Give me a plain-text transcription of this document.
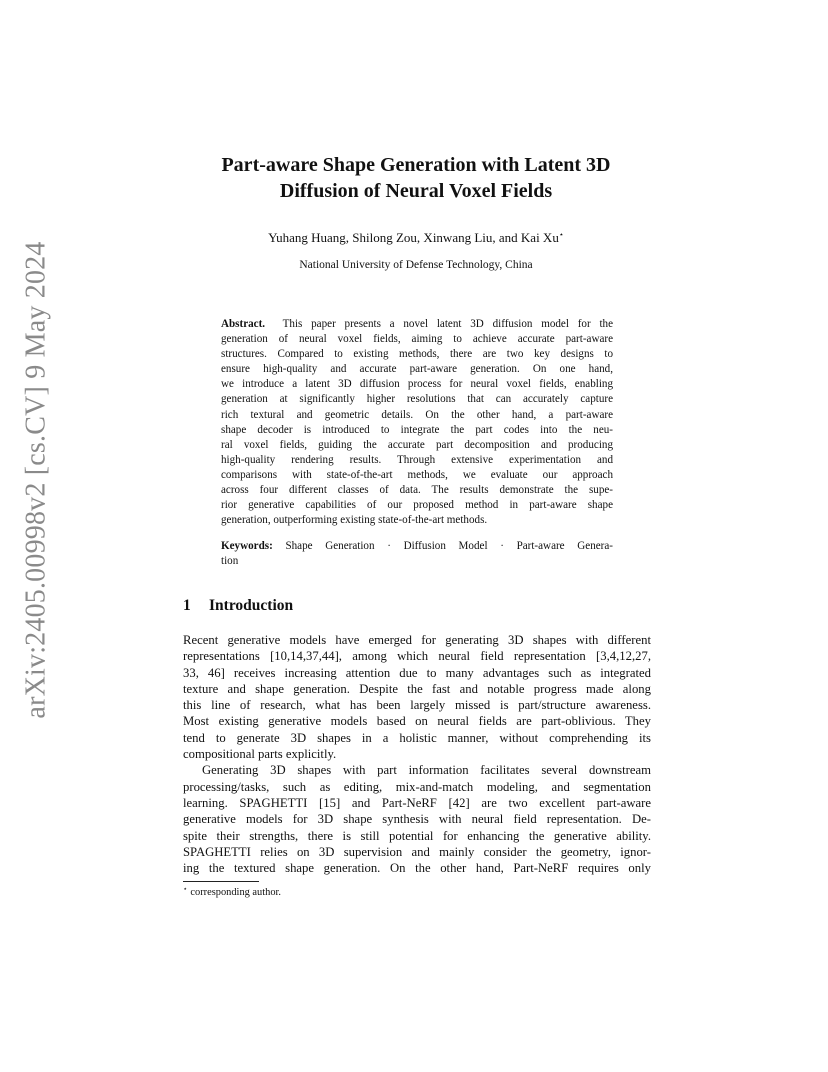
arXiv:2405.00998v2 [cs.CV] 9 May 2024
Part-aware Shape Generation with Latent 3D
Diffusion of Neural Voxel Fields
Yuhang Huang, Shilong Zou, Xinwang Liu, and Kai Xu⋆
National University of Defense Technology, China
Abstract. This paper presents a novel latent 3D diffusion model for the
generation of neural voxel fields, aiming to achieve accurate part-aware
structures. Compared to existing methods, there are two key designs to
ensure high-quality and accurate part-aware generation. On one hand,
we introduce a latent 3D diffusion process for neural voxel fields, enabling
generation at significantly higher resolutions that can accurately capture
rich textural and geometric details. On the other hand, a part-aware
shape decoder is introduced to integrate the part codes into the neu-
ral voxel fields, guiding the accurate part decomposition and producing
high-quality rendering results. Through extensive experimentation and
comparisons with state-of-the-art methods, we evaluate our approach
across four different classes of data. The results demonstrate the supe-
rior generative capabilities of our proposed method in part-aware shape
generation, outperforming existing state-of-the-art methods.
Keywords: Shape Generation · Diffusion Model · Part-aware Genera-
tion
1 Introduction
Recent generative models have emerged for generating 3D shapes with different
representations [10,14,37,44], among which neural field representation [3,4,12,27,
33, 46] receives increasing attention due to many advantages such as integrated
texture and shape generation. Despite the fast and notable progress made along
this line of research, what has been largely missed is part/structure awareness.
Most existing generative models based on neural fields are part-oblivious. They
tend to generate 3D shapes in a holistic manner, without comprehending its
compositional parts explicitly.
Generating 3D shapes with part information facilitates several downstream
processing/tasks, such as editing, mix-and-match modeling, and segmentation
learning. SPAGHETTI [15] and Part-NeRF [42] are two excellent part-aware
generative models for 3D shape synthesis with neural field representation. De-
spite their strengths, there is still potential for enhancing the generative ability.
SPAGHETTI relies on 3D supervision and mainly consider the geometry, ignor-
ing the textured shape generation. On the other hand, Part-NeRF requires only
⋆ corresponding author.
